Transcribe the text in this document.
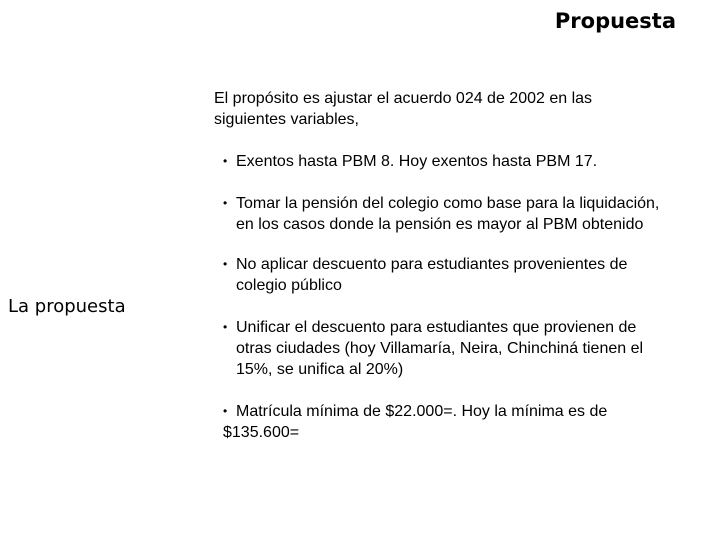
Propuesta
La propuesta

El propósito es ajustar el acuerdo 024 de 2002 en las siguientes variables,

• Exentos hasta PBM 8. Hoy exentos hasta PBM 17.
• Tomar la pensión del colegio como base para la liquidación, en los casos donde la pensión es mayor al PBM obtenido
• No aplicar descuento para estudiantes provenientes de colegio público
• Unificar el descuento para estudiantes que provienen de otras ciudades (hoy Villamaría, Neira, Chinchiná tienen el 15%, se unifica al 20%)
• Matrícula mínima de $22.000=. Hoy la mínima es de $135.600=
